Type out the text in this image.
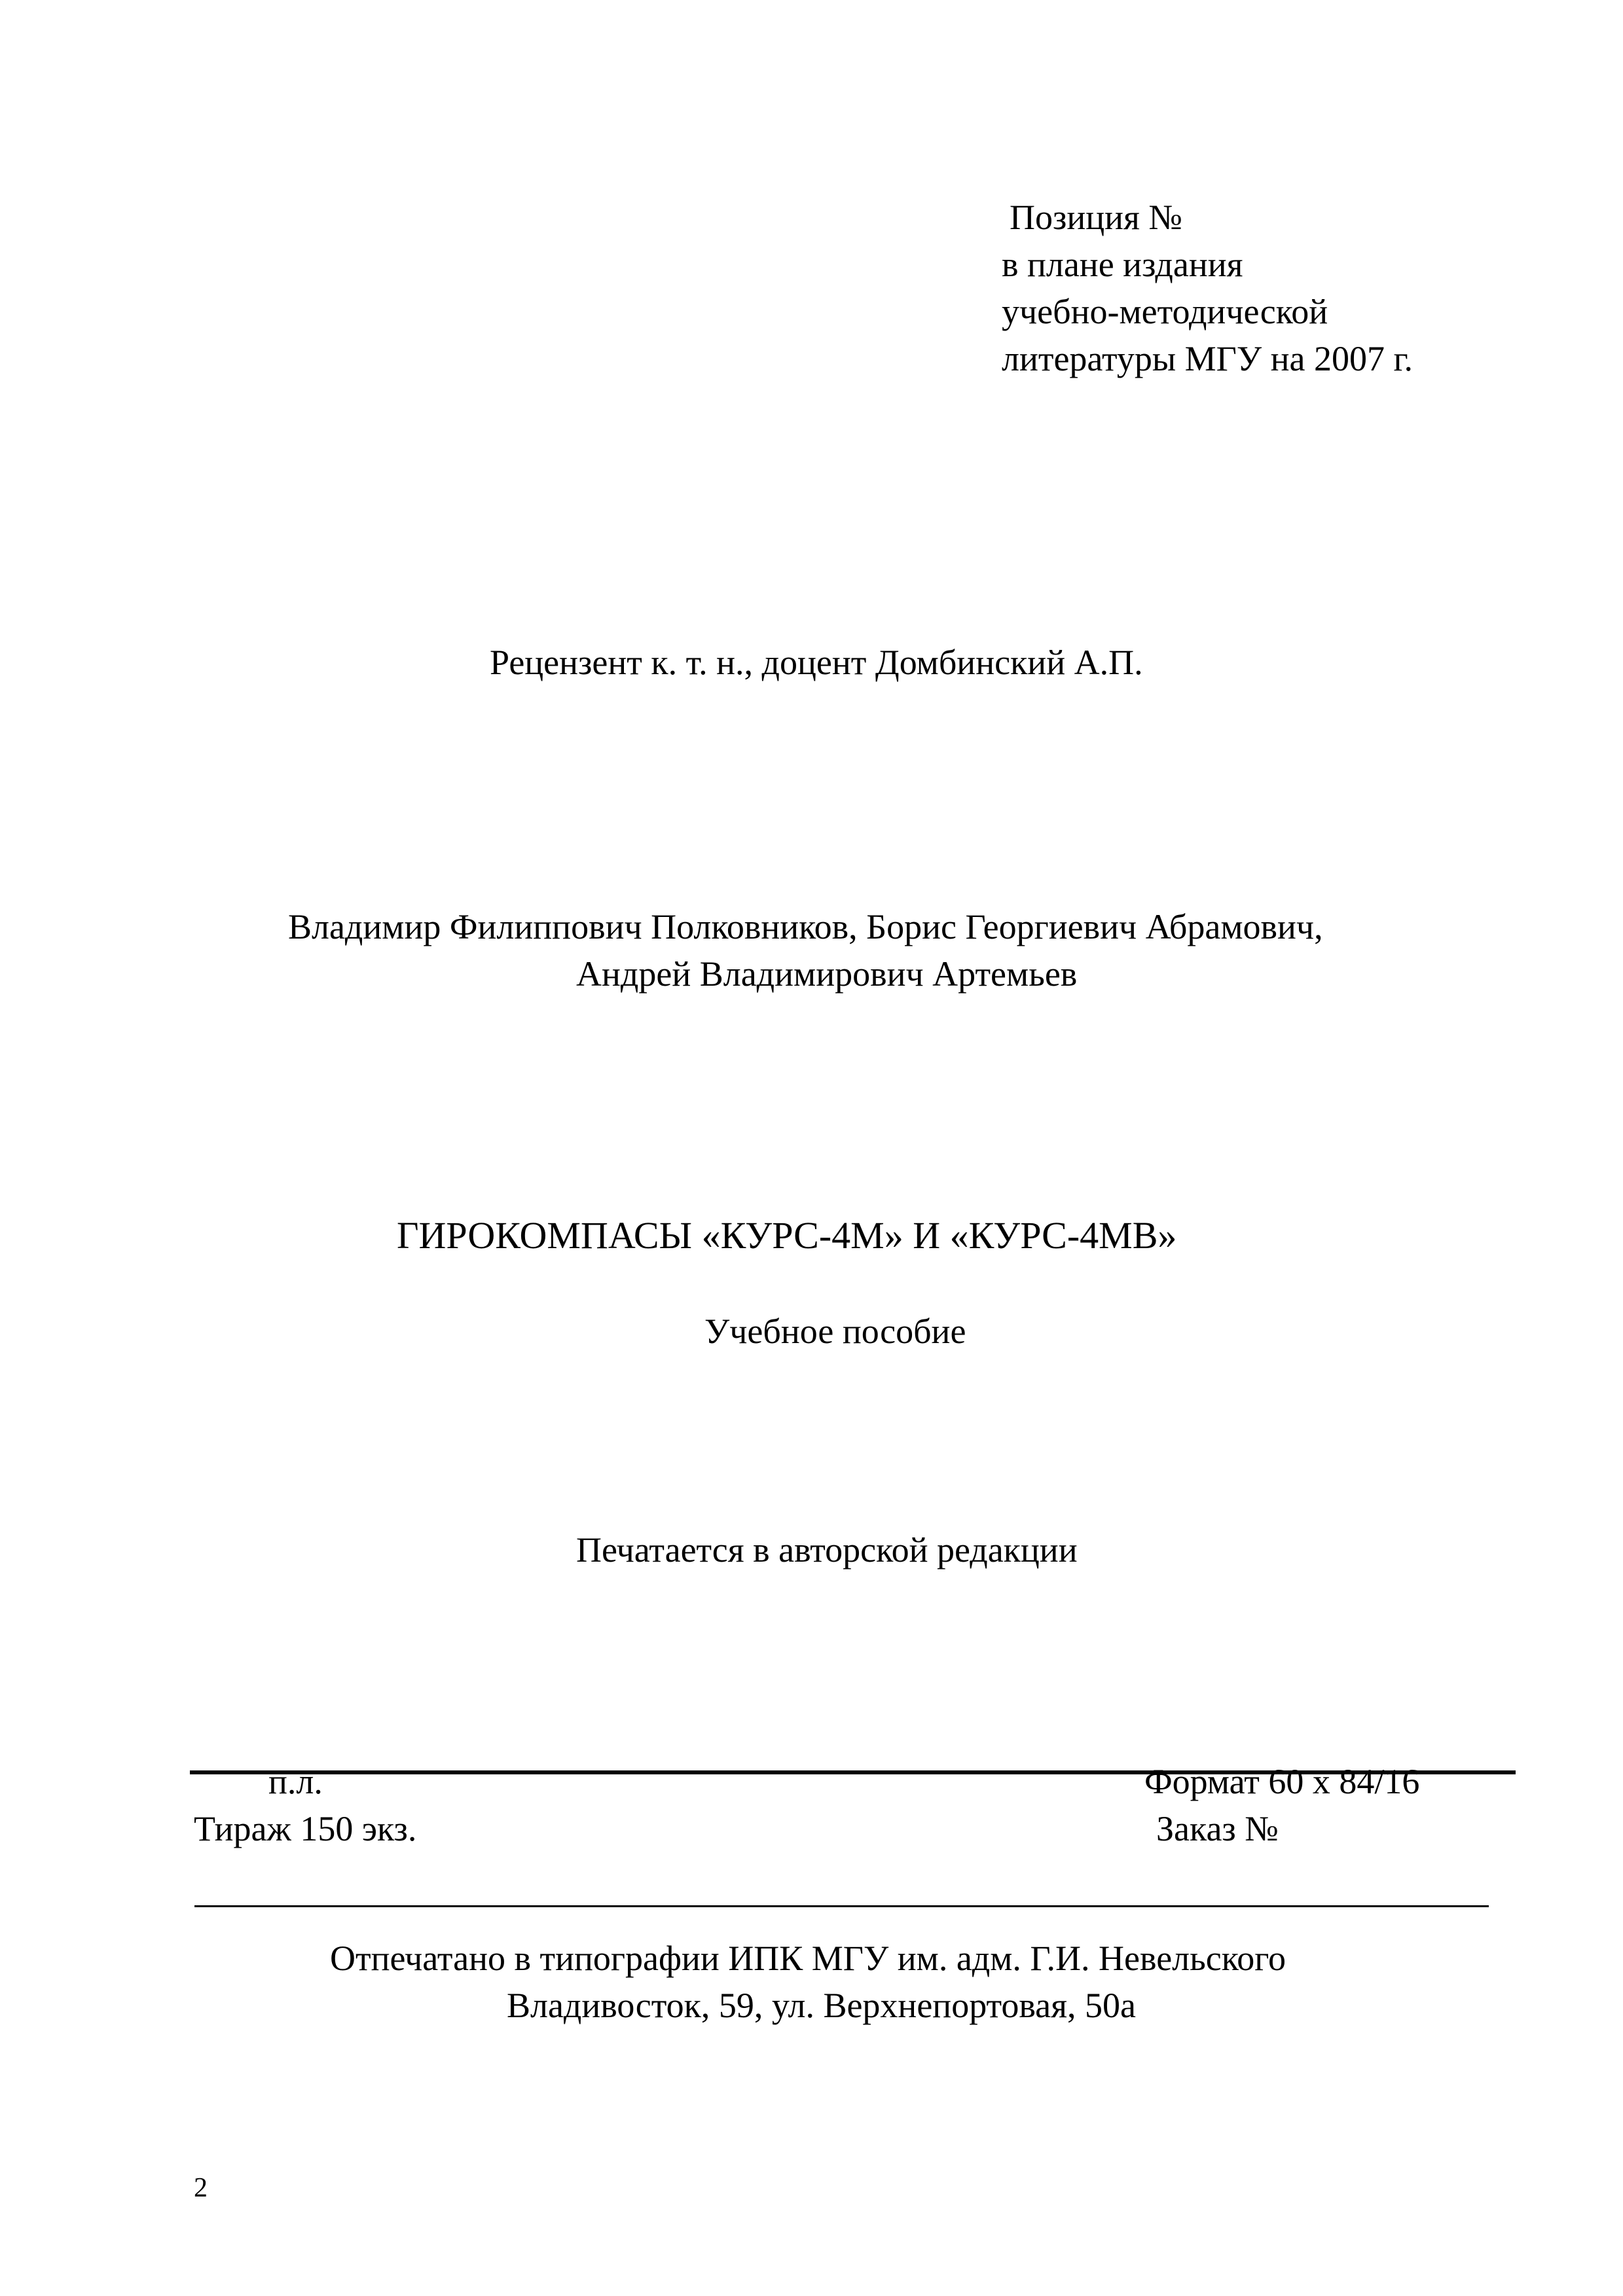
Позиция №
в плане издания
учебно-методической
литературы МГУ на 2007 г.

Рецензент к. т. н., доцент Домбинский А.П.

Владимир Филиппович Полковников, Борис Георгиевич Абрамович,

Андрей Владимирович Артемьев

ГИРОКОМПАСЫ «КУРС-4М» И «КУРС-4МВ»

Учебное пособие

Печатается в авторской редакции

п.л.	Формат 60 x 84/16

Тираж 150 экз.	Заказ №

Отпечатано в типографии ИПК МГУ им. адм. Г.И. Невельского

Владивосток, 59, ул. Верхнепортовая, 50а

2
